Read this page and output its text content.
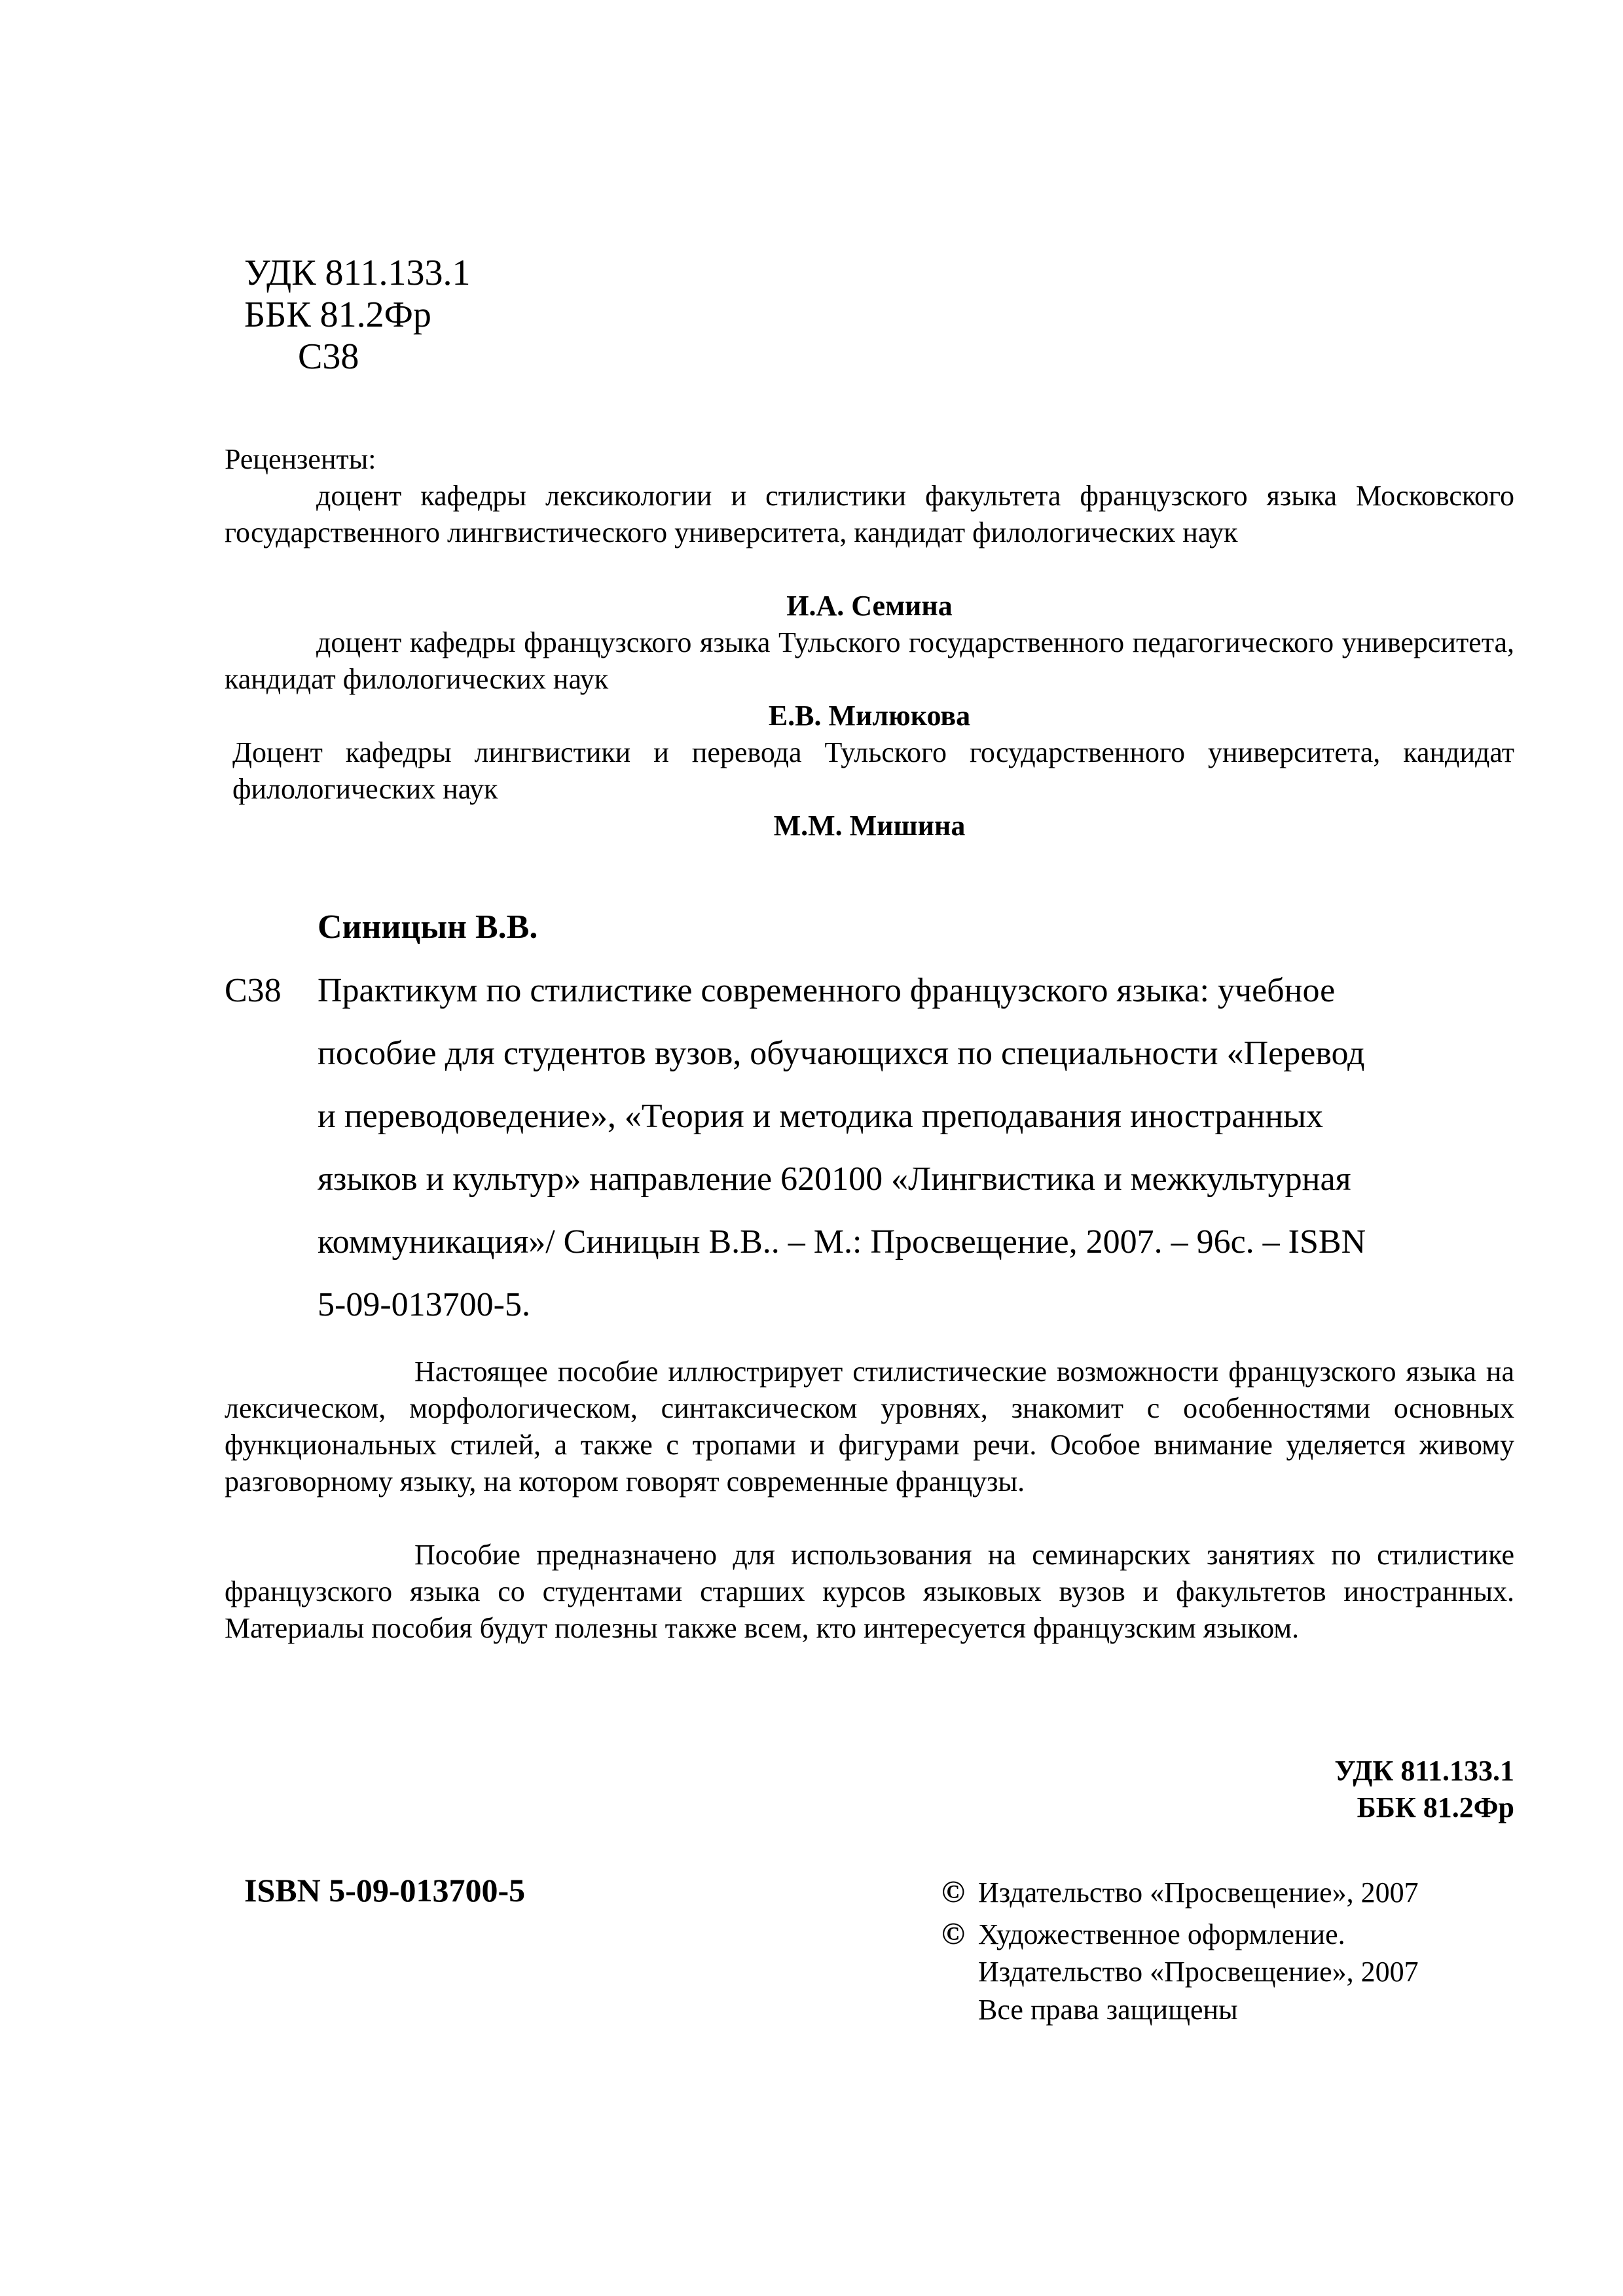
УДК 811.133.1
ББК 81.2Фр
С38
Рецензенты:
доцент кафедры лексикологии и стилистики факультета французского языка Московского государственного лингвистического университета, кандидат филологических наук
И.А. Семина
доцент кафедры французского языка Тульского государственного педагогического университета, кандидат филологических наук
Е.В. Милюкова
Доцент кафедры лингвистики и перевода Тульского государственного университета, кандидат филологических наук
М.М. Мишина
Синицын В.В.
С38 Практикум по стилистике современного французского языка: учебное
пособие для студентов вузов, обучающихся по специальности «Перевод
и переводоведение», «Теория и методика преподавания иностранных
языков и культур» направление 620100 «Лингвистика и межкультурная
коммуникация»/ Синицын В.В.. – М.: Просвещение, 2007. – 96с. – ISBN
5-09-013700-5.
Настоящее пособие иллюстрирует стилистические возможности французского языка на лексическом, морфологическом, синтаксическом уровнях, знакомит с особенностями основных функциональных стилей, а также с тропами и фигурами речи. Особое внимание уделяется живому разговорному языку, на котором говорят современные французы.
Пособие предназначено для использования на семинарских занятиях по стилистике французского языка со студентами старших курсов языковых вузов и факультетов иностранных. Материалы пособия будут полезны также всем, кто интересуется французским языком.
УДК 811.133.1
ББК 81.2Фр
ISBN 5-09-013700-5	© Издательство «Просвещение», 2007
© Художественное оформление.
Издательство «Просвещение», 2007
Все права защищены
